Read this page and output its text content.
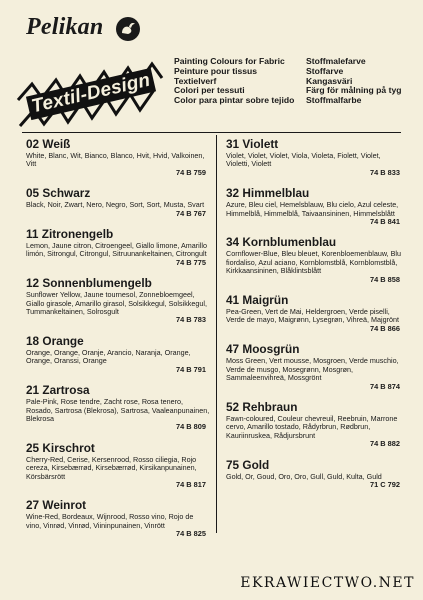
Pelikan
Textil-Design
Painting Colours for Fabric
Peinture pour tissus
Textielverf
Colori per tessuti
Color para pintar sobre tejido
Stoffmalefarve
Stoffarve
Kangasväri
Färg för målning på tyg
Stoffmalfarbe
02 Weiß

White, Blanc, Wit, Bianco, Blanco, Hvit, Hvid, Valkoinen, Vitt

74 B 759
05 Schwarz

Black, Noir, Zwart, Nero, Negro, Sort, Sort, Musta, Svart

74 B 767
11 Zitronengelb

Lemon, Jaune citron, Citroengeel, Giallo limone, Amarillo limón, Sitrongul, Citrongul, Sitruunankeltainen, Citrongult

74 B 775
12 Sonnenblumengelb

Sunflower Yellow, Jaune tournesol, Zonnebloemgeel, Giallo girasole, Amarillo girasol, Solsikkegul, Solsikkegul, Tummankeltainen, Solrosgult

74 B 783
18 Orange

Orange, Orange, Oranje, Arancio, Naranja, Orange, Orange, Oranssi, Orange

74 B 791
21 Zartrosa

Pale-Pink, Rose tendre, Zacht rose, Rosa tenero, Rosado, Sartrosa (Blekrosa), Sartrosa, Vaaleanpunainen, Blekrosa

74 B 809
25 Kirschrot

Cherry-Red, Cerise, Kersenrood, Rosso ciliegia, Rojo cereza, Kirsebærrød, Kirsebærrød, Kirsikanpunainen, Körsbärsrött

74 B 817
27 Weinrot

Wine-Red, Bordeaux, Wijnrood, Rosso vino, Rojo de vino, Vinrød, Vinrød, Viininpunainen, Vinrött

74 B 825
31 Violett

Violet, Violet, Violet, Viola, Violeta, Fiolett, Violet, Violetti, Violett

74 B 833
32 Himmelblau

Azure, Bleu ciel, Hemelsblauw, Blu cielo, Azul celeste, Himmelblå, Himmelblå, Taivaansininen, Himmelsblått

74 B 841
34 Kornblumenblau

Cornflower-Blue, Bleu bleuet, Korenbloemenblauw, Blu fiordaliso, Azul aciano, Kornblomstblå, Kornblomstblå, Kirkkaansininen, Blåklintsblått

74 B 858
41 Maigrün

Pea-Green, Vert de Mai, Heldergroen, Verde piselli, Verde de mayo, Maigrønn, Lysegrøn, Vihreä, Majgrönt

74 B 866
47 Moosgrün

Moss Green, Vert mousse, Mosgroen, Verde muschio, Verde de musgo, Mosegrønn, Mosgrøn, Sammaleenvihreä, Mossgrönt

74 B 874
52 Rehbraun

Fawn-coloured, Couleur chevreuil, Reebruin, Marrone cervo, Amarillo tostado, Rådyrbrun, Rødbrun, Kauriinruskea, Rådjursbrunt

74 B 882
75 Gold

Gold, Or, Goud, Oro, Oro, Gull, Guld, Kulta, Guld

71 C 792
EKRAWIECTWO.NET
